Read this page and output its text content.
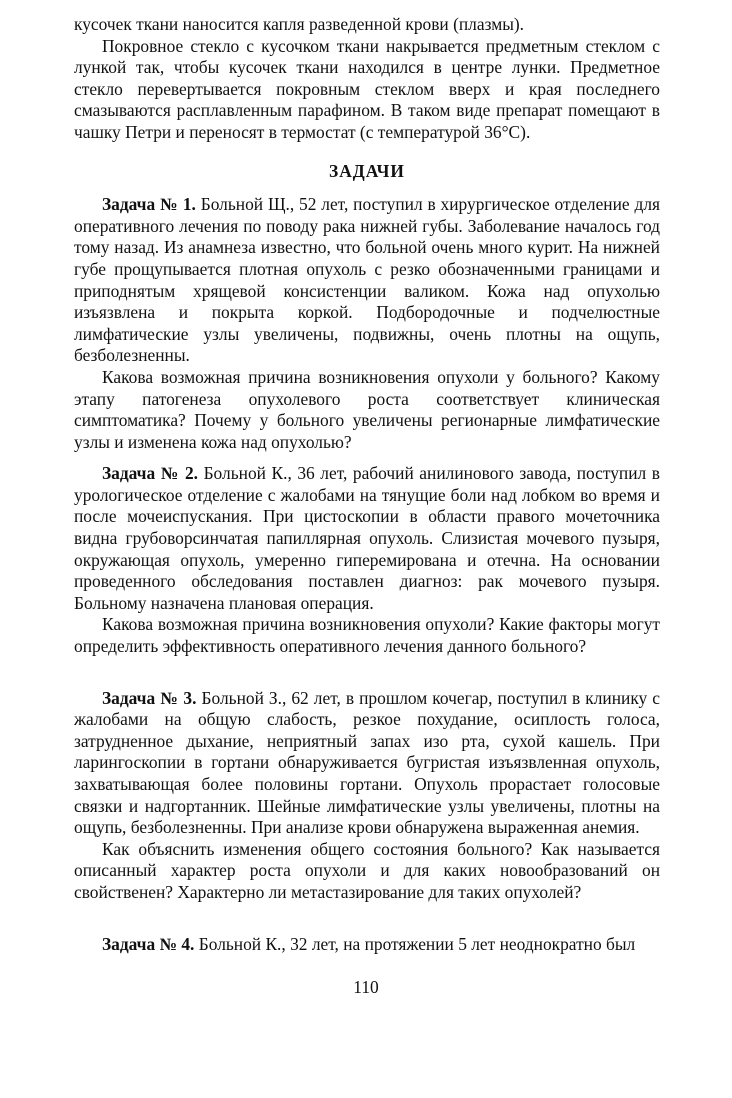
кусочек ткани наносится капля разведенной крови (плазмы).

Покровное стекло с кусочком ткани накрывается предметным стеклом с лункой так, чтобы кусочек ткани находился в центре лунки. Предметное стекло перевертывается покровным стеклом вверх и края последнего смазываются расплавленным парафином. В таком виде препарат помещают в чашку Петри и переносят в термостат (с температурой 36°С).

ЗАДАЧИ

Задача № 1. Больной Щ., 52 лет, поступил в хирургическое отделение для оперативного лечения по поводу рака нижней губы. Заболевание началось год тому назад. Из анамнеза известно, что больной очень много курит. На нижней губе прощупывается плотная опухоль с резко обозначенными границами и приподнятым хрящевой консистенции валиком. Кожа над опухолью изъязвлена и покрыта коркой. Подбородочные и подчелюстные лимфатические узлы увеличены, подвижны, очень плотны на ощупь, безболезненны.

Какова возможная причина возникновения опухоли у больного? Какому этапу патогенеза опухолевого роста соответствует клиническая симптоматика? Почему у больного увеличены регионарные лимфатические узлы и изменена кожа над опухолью?

Задача № 2. Больной К., 36 лет, рабочий анилинового завода, поступил в урологическое отделение с жалобами на тянущие боли над лобком во время и после мочеиспускания. При цистоскопии в области правого мочеточника видна грубоворсинчатая папиллярная опухоль. Слизистая мочевого пузыря, окружающая опухоль, умеренно гиперемирована и отечна. На основании проведенного обследования поставлен диагноз: рак мочевого пузыря. Больному назначена плановая операция.

Какова возможная причина возникновения опухоли? Какие факторы могут определить эффективность оперативного лечения данного больного?

Задача № 3. Больной З., 62 лет, в прошлом кочегар, поступил в клинику с жалобами на общую слабость, резкое похудание, осиплость голоса, затрудненное дыхание, неприятный запах изо рта, сухой кашель. При ларингоскопии в гортани обнаруживается бугристая изъязвленная опухоль, захватывающая более половины гортани. Опухоль прорастает голосовые связки и надгортанник. Шейные лимфатические узлы увеличены, плотны на ощупь, безболезненны. При анализе крови обнаружена выраженная анемия.

Как объяснить изменения общего состояния больного? Как называется описанный характер роста опухоли и для каких новообразований он свойственен? Характерно ли метастазирование для таких опухолей?

Задача № 4. Больной К., 32 лет, на протяжении 5 лет неоднократно был

110
